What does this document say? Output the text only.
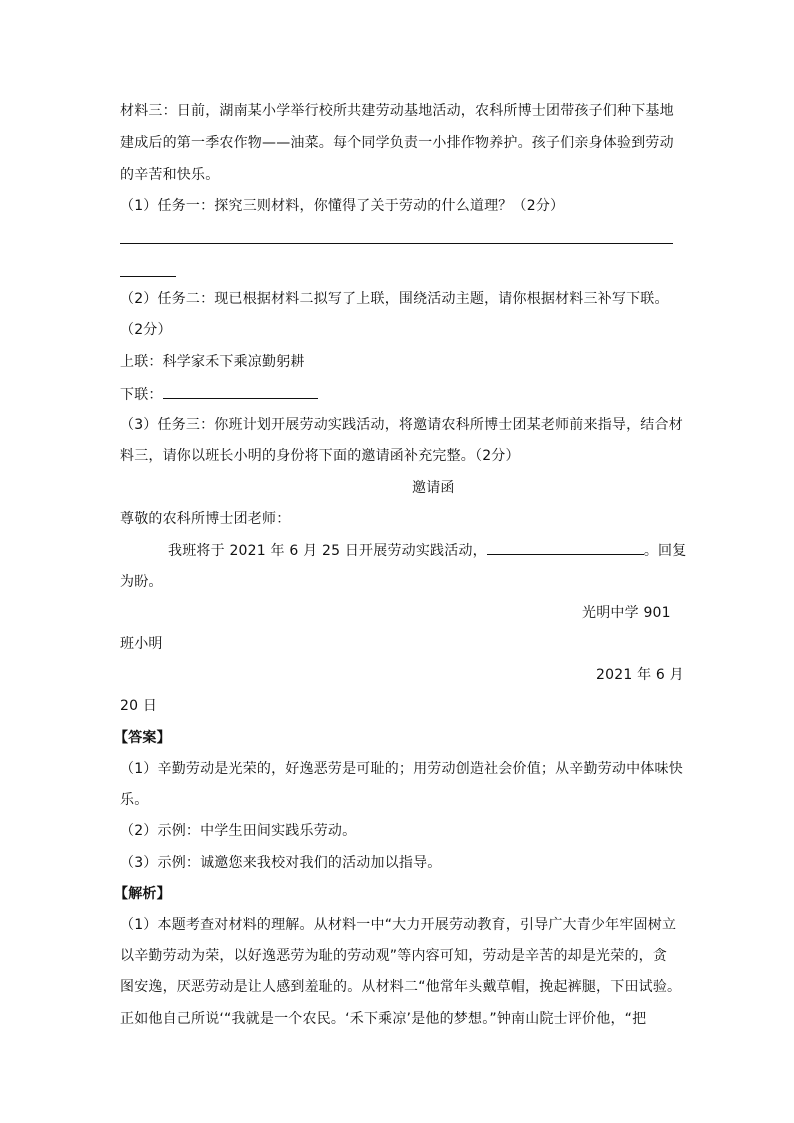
材料三：日前，湖南某小学举行校所共建劳动基地活动，农科所博士团带孩子们种下基地
建成后的第一季农作物——油菜。每个同学负责一小排作物养护。孩子们亲身体验到劳动
的辛苦和快乐。
（1）任务一：探究三则材料，你懂得了关于劳动的什么道理？（2分）
（2）任务二：现已根据材料二拟写了上联，围绕活动主题，请你根据材料三补写下联。
（2分）
上联：科学家禾下乘凉勤躬耕
下联：
（3）任务三：你班计划开展劳动实践活动，将邀请农科所博士团某老师前来指导，结合材
料三，请你以班长小明的身份将下面的邀请函补充完整。（2分）
邀请函
尊敬的农科所博士团老师：
我班将于 2021 年 6 月 25 日开展劳动实践活动，	。回复
为盼。
光明中学 901
班小明
2021 年 6 月
20 日
【答案】
（1）辛勤劳动是光荣的，好逸恶劳是可耻的；用劳动创造社会价值；从辛勤劳动中体味快
乐。
（2）示例：中学生田间实践乐劳动。
（3）示例：诚邀您来我校对我们的活动加以指导。
【解析】
（1）本题考查对材料的理解。从材料一中“大力开展劳动教育，引导广大青少年牢固树立
以辛勤劳动为荣，以好逸恶劳为耻的劳动观”等内容可知，劳动是辛苦的却是光荣的，贪
图安逸，厌恶劳动是让人感到羞耻的。从材料二“他常年头戴草帽，挽起裤腿，下田试验。
正如他自己所说‘“我就是一个农民。‘禾下乘凉’是他的梦想。”钟南山院士评价他，“把
